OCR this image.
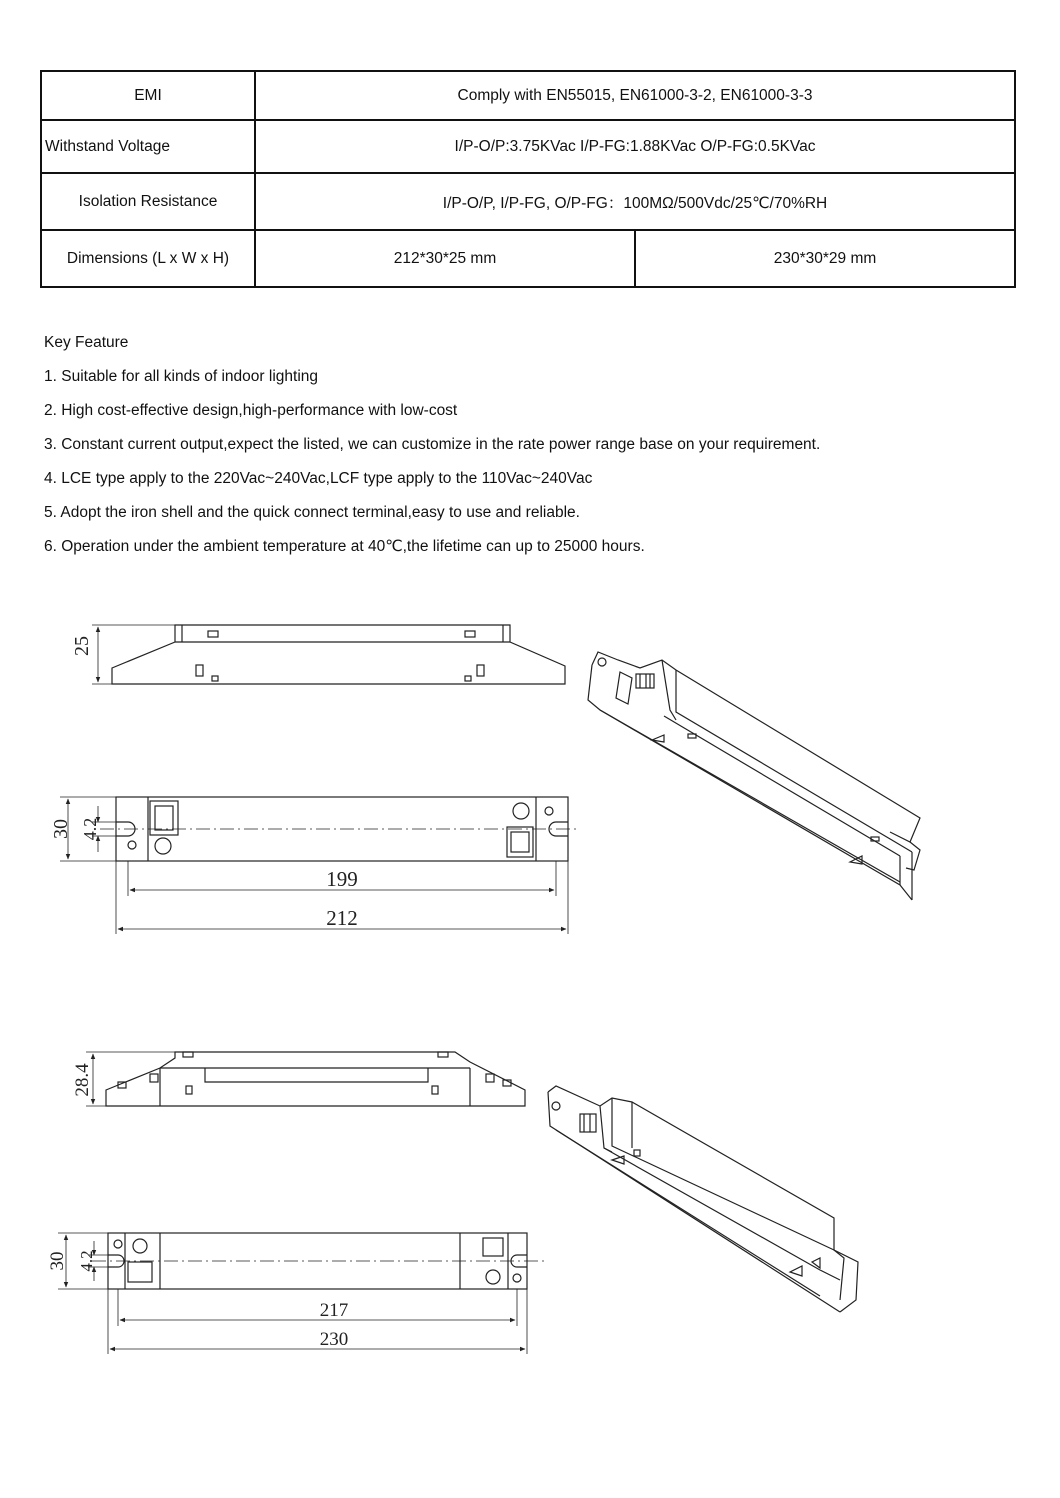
EMI	Comply with EN55015, EN61000-3-2, EN61000-3-3	
Withstand Voltage	I/P-O/P:3.75KVac I/P-FG:1.88KVac O/P-FG:0.5KVac	
Isolation Resistance	I/P-O/P, I/P-FG, O/P-FG：100MΩ/500Vdc/25℃/70%RH	
Dimensions (L x W x H)	212*30*25 mm	230*30*29 mm
Key Feature
1. Suitable for all kinds of indoor lighting
2. High cost-effective design,high-performance with low-cost
3. Constant current output,expect the listed, we can customize in the rate power range base on your requirement.
4. LCE type apply to the 220Vac~240Vac,LCF type apply to the 110Vac~240Vac
5. Adopt the iron shell and the quick connect terminal,easy to use and reliable.
6. Operation under the ambient temperature at 40℃,the lifetime can up to 25000 hours.
25
30 4.2
199
212
28.4
30 4.2
217
230
